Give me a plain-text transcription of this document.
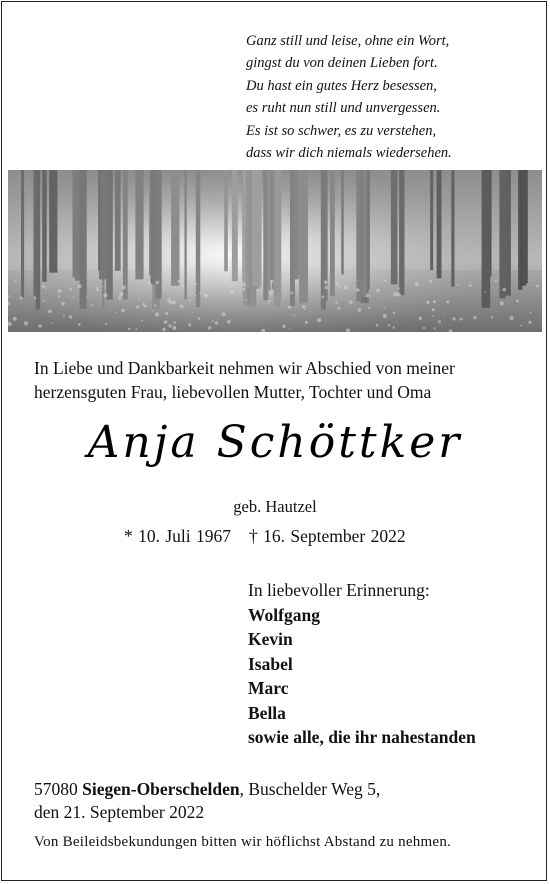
Ganz still und leise, ohne ein Wort,
gingst du von deinen Lieben fort.
Du hast ein gutes Herz besessen,
es ruht nun still und unvergessen.
Es ist so schwer, es zu verstehen,
dass wir dich niemals wiedersehen.
In Liebe und Dankbarkeit nehmen wir Abschied von meiner
herzensguten Frau, liebevollen Mutter, Tochter und Oma
Anja Schöttker
geb. Hautzel
* 10. Juli 1967 † 16. September 2022
In liebevoller Erinnerung:
Wolfgang
Kevin
Isabel
Marc
Bella
sowie alle, die ihr nahestanden
57080 Siegen-Oberschelden, Buschelder Weg 5,
den 21. September 2022
Von Beileidsbekundungen bitten wir höflichst Abstand zu nehmen.
